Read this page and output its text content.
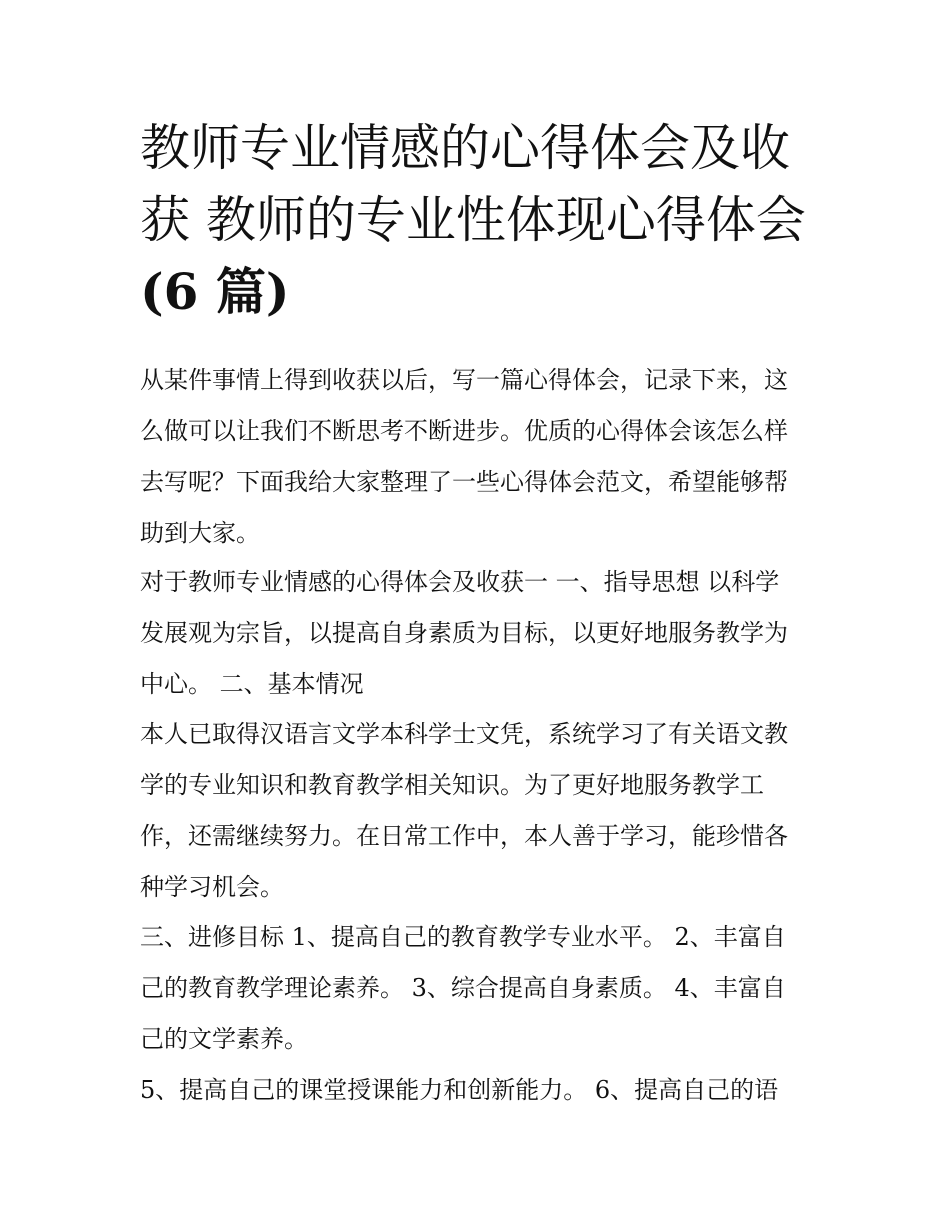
教师专业情感的心得体会及收
获 教师的专业性体现心得体会
(6 篇)
从某件事情上得到收获以后，写一篇心得体会，记录下来，这
么做可以让我们不断思考不断进步。优质的心得体会该怎么样
去写呢？下面我给大家整理了一些心得体会范文，希望能够帮
助到大家。
对于教师专业情感的心得体会及收获一 一、指导思想 以科学
发展观为宗旨，以提高自身素质为目标，以更好地服务教学为
中心。 二、基本情况
本人已取得汉语言文学本科学士文凭，系统学习了有关语文教
学的专业知识和教育教学相关知识。为了更好地服务教学工
作，还需继续努力。在日常工作中，本人善于学习，能珍惜各
种学习机会。
三、进修目标 1、提高自己的教育教学专业水平。 2、丰富自
己的教育教学理论素养。 3、综合提高自身素质。 4、丰富自
己的文学素养。
5、提高自己的课堂授课能力和创新能力。 6、提高自己的语
